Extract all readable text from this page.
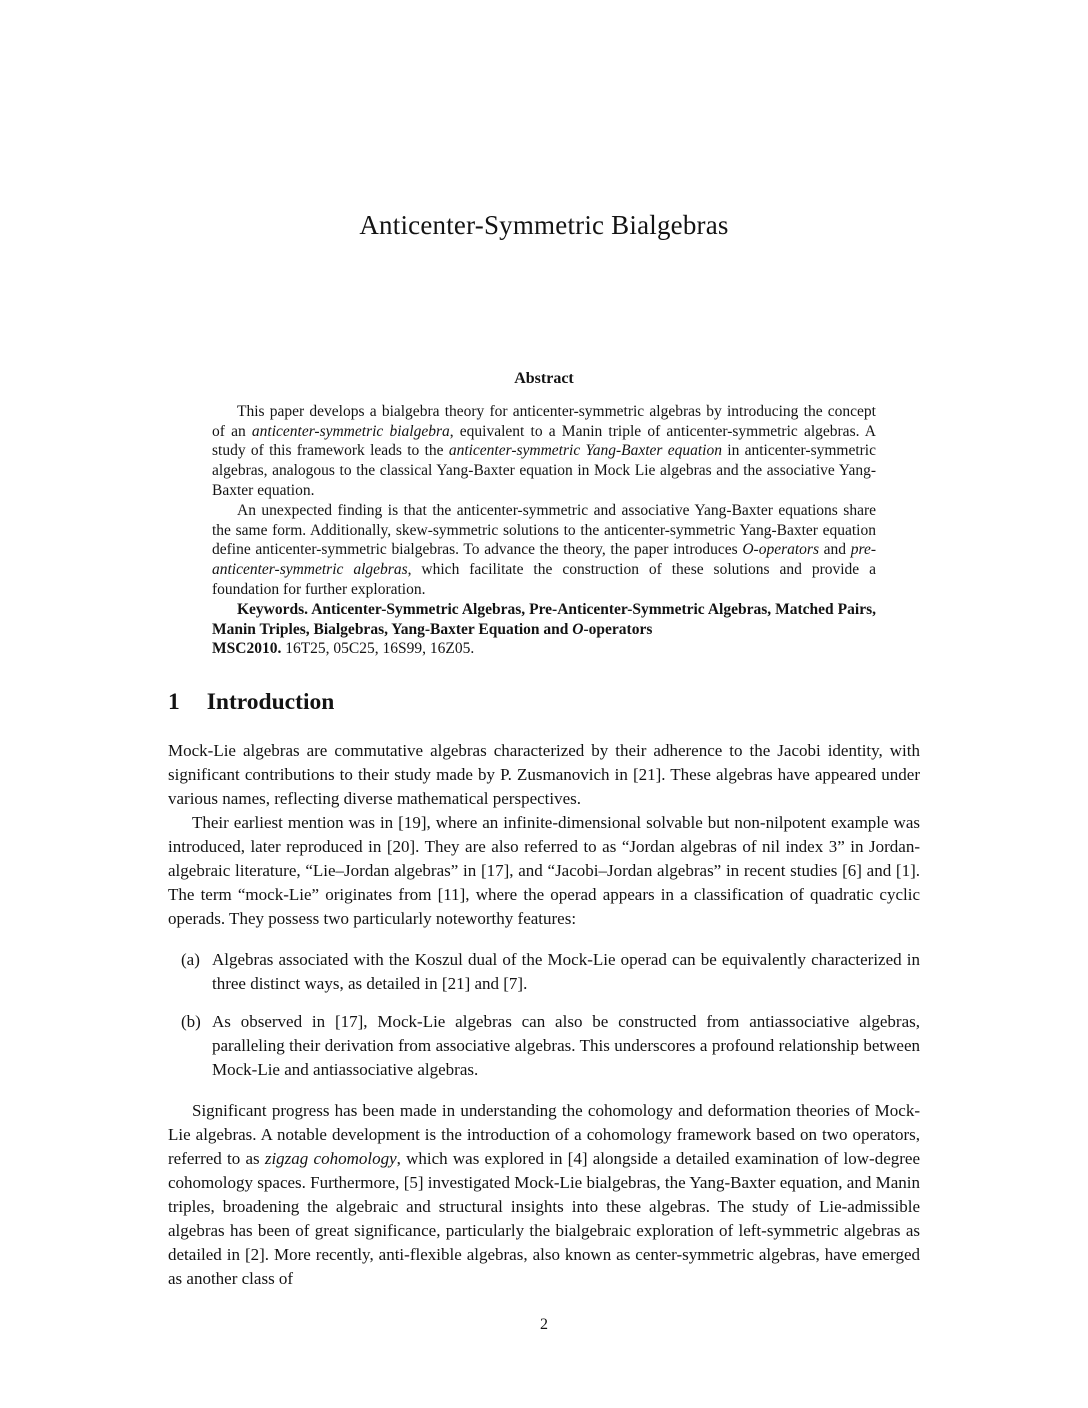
Anticenter-Symmetric Bialgebras
Abstract

This paper develops a bialgebra theory for anticenter-symmetric algebras by introducing the concept of an anticenter-symmetric bialgebra, equivalent to a Manin triple of anticenter-symmetric algebras. A study of this framework leads to the anticenter-symmetric Yang-Baxter equation in anticenter-symmetric algebras, analogous to the classical Yang-Baxter equation in Mock Lie algebras and the associative Yang-Baxter equation.

An unexpected finding is that the anticenter-symmetric and associative Yang-Baxter equations share the same form. Additionally, skew-symmetric solutions to the anticenter-symmetric Yang-Baxter equation define anticenter-symmetric bialgebras. To advance the theory, the paper introduces O-operators and pre-anticenter-symmetric algebras, which facilitate the construction of these solutions and provide a foundation for further exploration.

Keywords. Anticenter-Symmetric Algebras, Pre-Anticenter-Symmetric Algebras, Matched Pairs, Manin Triples, Bialgebras, Yang-Baxter Equation and O-operators

MSC2010. 16T25, 05C25, 16S99, 16Z05.

1 Introduction

Mock-Lie algebras are commutative algebras characterized by their adherence to the Jacobi identity, with significant contributions to their study made by P. Zusmanovich in [21]. These algebras have appeared under various names, reflecting diverse mathematical perspectives.

Their earliest mention was in [19], where an infinite-dimensional solvable but non-nilpotent example was introduced, later reproduced in [20]. They are also referred to as “Jordan algebras of nil index 3” in Jordan-algebraic literature, “Lie–Jordan algebras” in [17], and “Jacobi–Jordan algebras” in recent studies [6] and [1]. The term “mock-Lie” originates from [11], where the operad appears in a classification of quadratic cyclic operads. They possess two particularly noteworthy features:

(a) Algebras associated with the Koszul dual of the Mock-Lie operad can be equivalently characterized in three distinct ways, as detailed in [21] and [7].
(b) As observed in [17], Mock-Lie algebras can also be constructed from antiassociative algebras, paralleling their derivation from associative algebras. This underscores a profound relationship between Mock-Lie and antiassociative algebras.

Significant progress has been made in understanding the cohomology and deformation theories of Mock-Lie algebras. A notable development is the introduction of a cohomology framework based on two operators, referred to as zigzag cohomology, which was explored in [4] alongside a detailed examination of low-degree cohomology spaces. Furthermore, [5] investigated Mock-Lie bialgebras, the Yang-Baxter equation, and Manin triples, broadening the algebraic and structural insights into these algebras. The study of Lie-admissible algebras has been of great significance, particularly the bialgebraic exploration of left-symmetric algebras as detailed in [2]. More recently, anti-flexible algebras, also known as center-symmetric algebras, have emerged as another class of

2
